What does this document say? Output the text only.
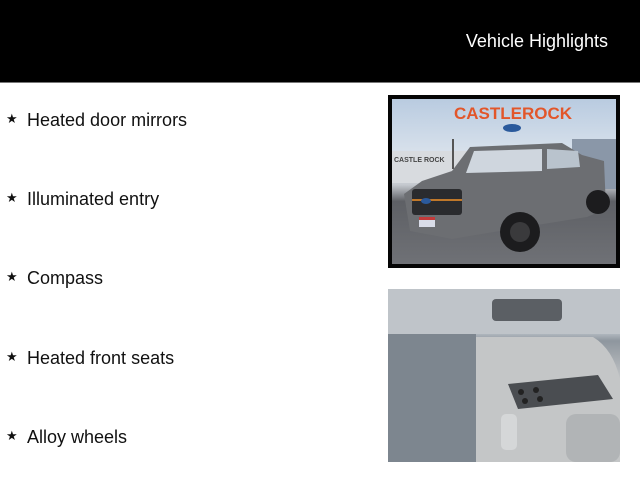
Vehicle Highlights
★ Heated door mirrors
★ Illuminated entry
★ Compass
★ Heated front seats
★ Alloy wheels
CASTLEROCK
CASTLE ROCK
